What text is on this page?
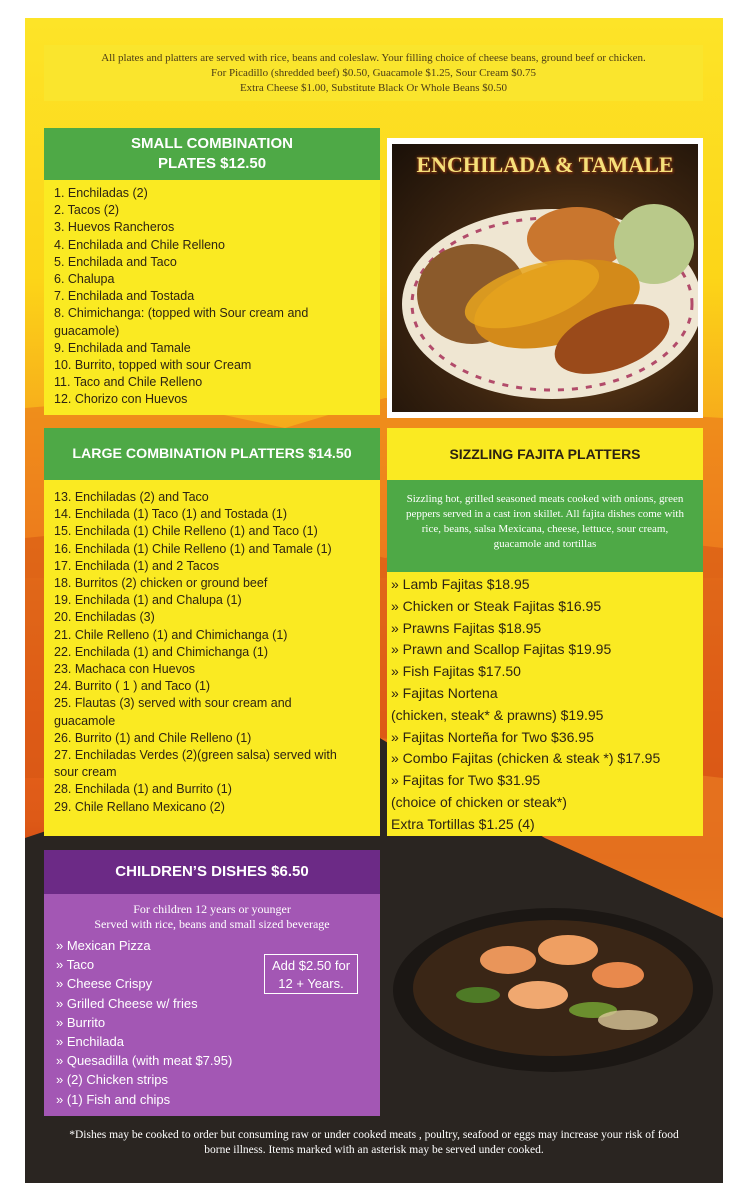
All plates and platters are served with rice, beans and coleslaw. Your filling choice of cheese beans, ground beef or chicken.
For Picadillo (shredded beef) $0.50, Guacamole $1.25, Sour Cream $0.75
Extra Cheese $1.00, Substitute Black Or Whole Beans $0.50
SMALL COMBINATION
PLATES $12.50
1. Enchiladas (2)
2. Tacos (2)
3. Huevos Rancheros
4. Enchilada and Chile Relleno
5. Enchilada and Taco
6. Chalupa
7. Enchilada and Tostada
8. Chimichanga: (topped with Sour cream and
guacamole)
9. Enchilada and Tamale
10. Burrito, topped with sour Cream
11. Taco and Chile Relleno
12. Chorizo con Huevos
ENCHILADA & TAMALE
LARGE COMBINATION PLATTERS $14.50
13. Enchiladas (2) and Taco
14. Enchilada (1) Taco (1) and Tostada (1)
15. Enchilada (1) Chile Relleno (1) and Taco (1)
16. Enchilada (1) Chile Relleno (1) and Tamale (1)
17. Enchilada (1) and 2 Tacos
18. Burritos (2) chicken or ground beef
19. Enchilada (1) and Chalupa (1)
20. Enchiladas (3)
21. Chile Relleno (1) and Chimichanga (1)
22. Enchilada (1) and Chimichanga (1)
23. Machaca con Huevos
24. Burrito ( 1 ) and Taco (1)
25. Flautas (3) served with sour cream and
guacamole
26. Burrito (1) and Chile Relleno (1)
27. Enchiladas Verdes (2)(green salsa) served with
sour cream
28. Enchilada (1) and Burrito (1)
29. Chile Rellano Mexicano (2)
SIZZLING FAJITA PLATTERS
Sizzling hot, grilled seasoned meats cooked with onions, green peppers served in a cast iron skillet. All fajita dishes come with rice, beans, salsa Mexicana, cheese, lettuce, sour cream, guacamole and tortillas
» Lamb Fajitas $18.95
» Chicken or Steak Fajitas $16.95
» Prawns Fajitas $18.95
» Prawn and Scallop Fajitas $19.95
» Fish Fajitas $17.50
» Fajitas Nortena
(chicken, steak* & prawns) $19.95
» Fajitas Norteña for Two $36.95
» Combo Fajitas (chicken & steak *) $17.95
» Fajitas for Two $31.95
(choice of chicken or steak*)
Extra Tortillas $1.25 (4)
CHILDREN’S DISHES $6.50
For children 12 years or younger
Served with rice, beans and small sized beverage
» Mexican Pizza
» Taco
» Cheese Crispy
» Grilled Cheese w/ fries
» Burrito
» Enchilada
» Quesadilla (with meat $7.95)
» (2) Chicken strips
» (1) Fish and chips
Add $2.50 for
12 + Years.
*Dishes may be cooked to order but consuming raw or under cooked meats , poultry, seafood or eggs may increase your risk of food
borne illness. Items marked with an asterisk may be served under cooked.
